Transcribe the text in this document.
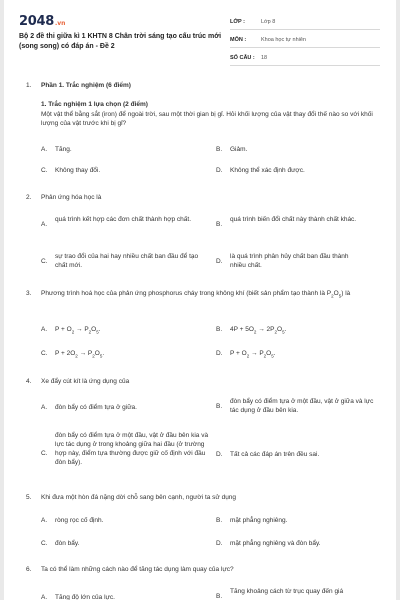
2048.vn
Bộ 2 đề thi giữa kì 1 KHTN 8 Chân trời sáng tạo cấu trúc mới (song song) có đáp án - Đề 2
LỚP :	Lớp 8
MÔN :	Khoa học tự nhiên
SỐ CÂU :	18
1. Phần 1. Trắc nghiệm (6 điểm)
1. Trắc nghiệm 1 lựa chọn (2 điểm)
Một vật thể bằng sắt (iron) để ngoài trời, sau một thời gian bị gỉ. Hỏi khối lượng của vật thay đổi thế nào so với khối lượng của vật trước khi bị gỉ?
A. Tăng.	B. Giảm.
C. Không thay đổi.	D. Không thể xác định được.
2. Phản ứng hóa học là
A.
quá trình kết hợp các đơn chất thành hợp chất.
B.
quá trình biến đổi chất này thành chất khác.
C.
sự trao đổi của hai hay nhiều chất ban đầu để tạo chất mới.
D.
là quá trình phân hủy chất ban đầu thành nhiều chất.
3. Phương trình hoá học của phản ứng phosphorus cháy trong không khí (biết sản phẩm tạo thành là $P_2O_5$) là
A. $P + O_2 \to P_2O_5$.	B. $4P + 5O_2 \to 2P_2O_5$.
C. $P + 2O_2 \to P_2O_5$.	D. $P + O_2 \to P_2O_5$.
4. Xe đẩy cút kít là ứng dụng của
A. đòn bẩy có điểm tựa ở giữa.	B.
đòn bẩy có điểm tựa ở một đầu, vật ở giữa và lực tác dụng ở đầu bên kia.
C.
đòn bẩy có điểm tựa ở một đầu, vật ở đầu bên kia và lực tác dụng ở trong khoảng giữa hai đầu (ở trường hợp này, điểm tựa thường được giữ cố định với đầu đòn bẩy).
D. Tất cả các đáp án trên đều sai.
5. Khi đưa một hòn đá nặng dời chỗ sang bên cạnh, người ta sử dụng
A. ròng rọc cố định.	B. mặt phẳng nghiêng.
C. đòn bẩy.	D. mặt phẳng nghiêng và đòn bẩy.
6. Ta có thể làm những cách nào để tăng tác dụng làm quay của lực?
A. Tăng độ lớn của lực.	B.
Tăng khoảng cách từ trục quay đến giá
